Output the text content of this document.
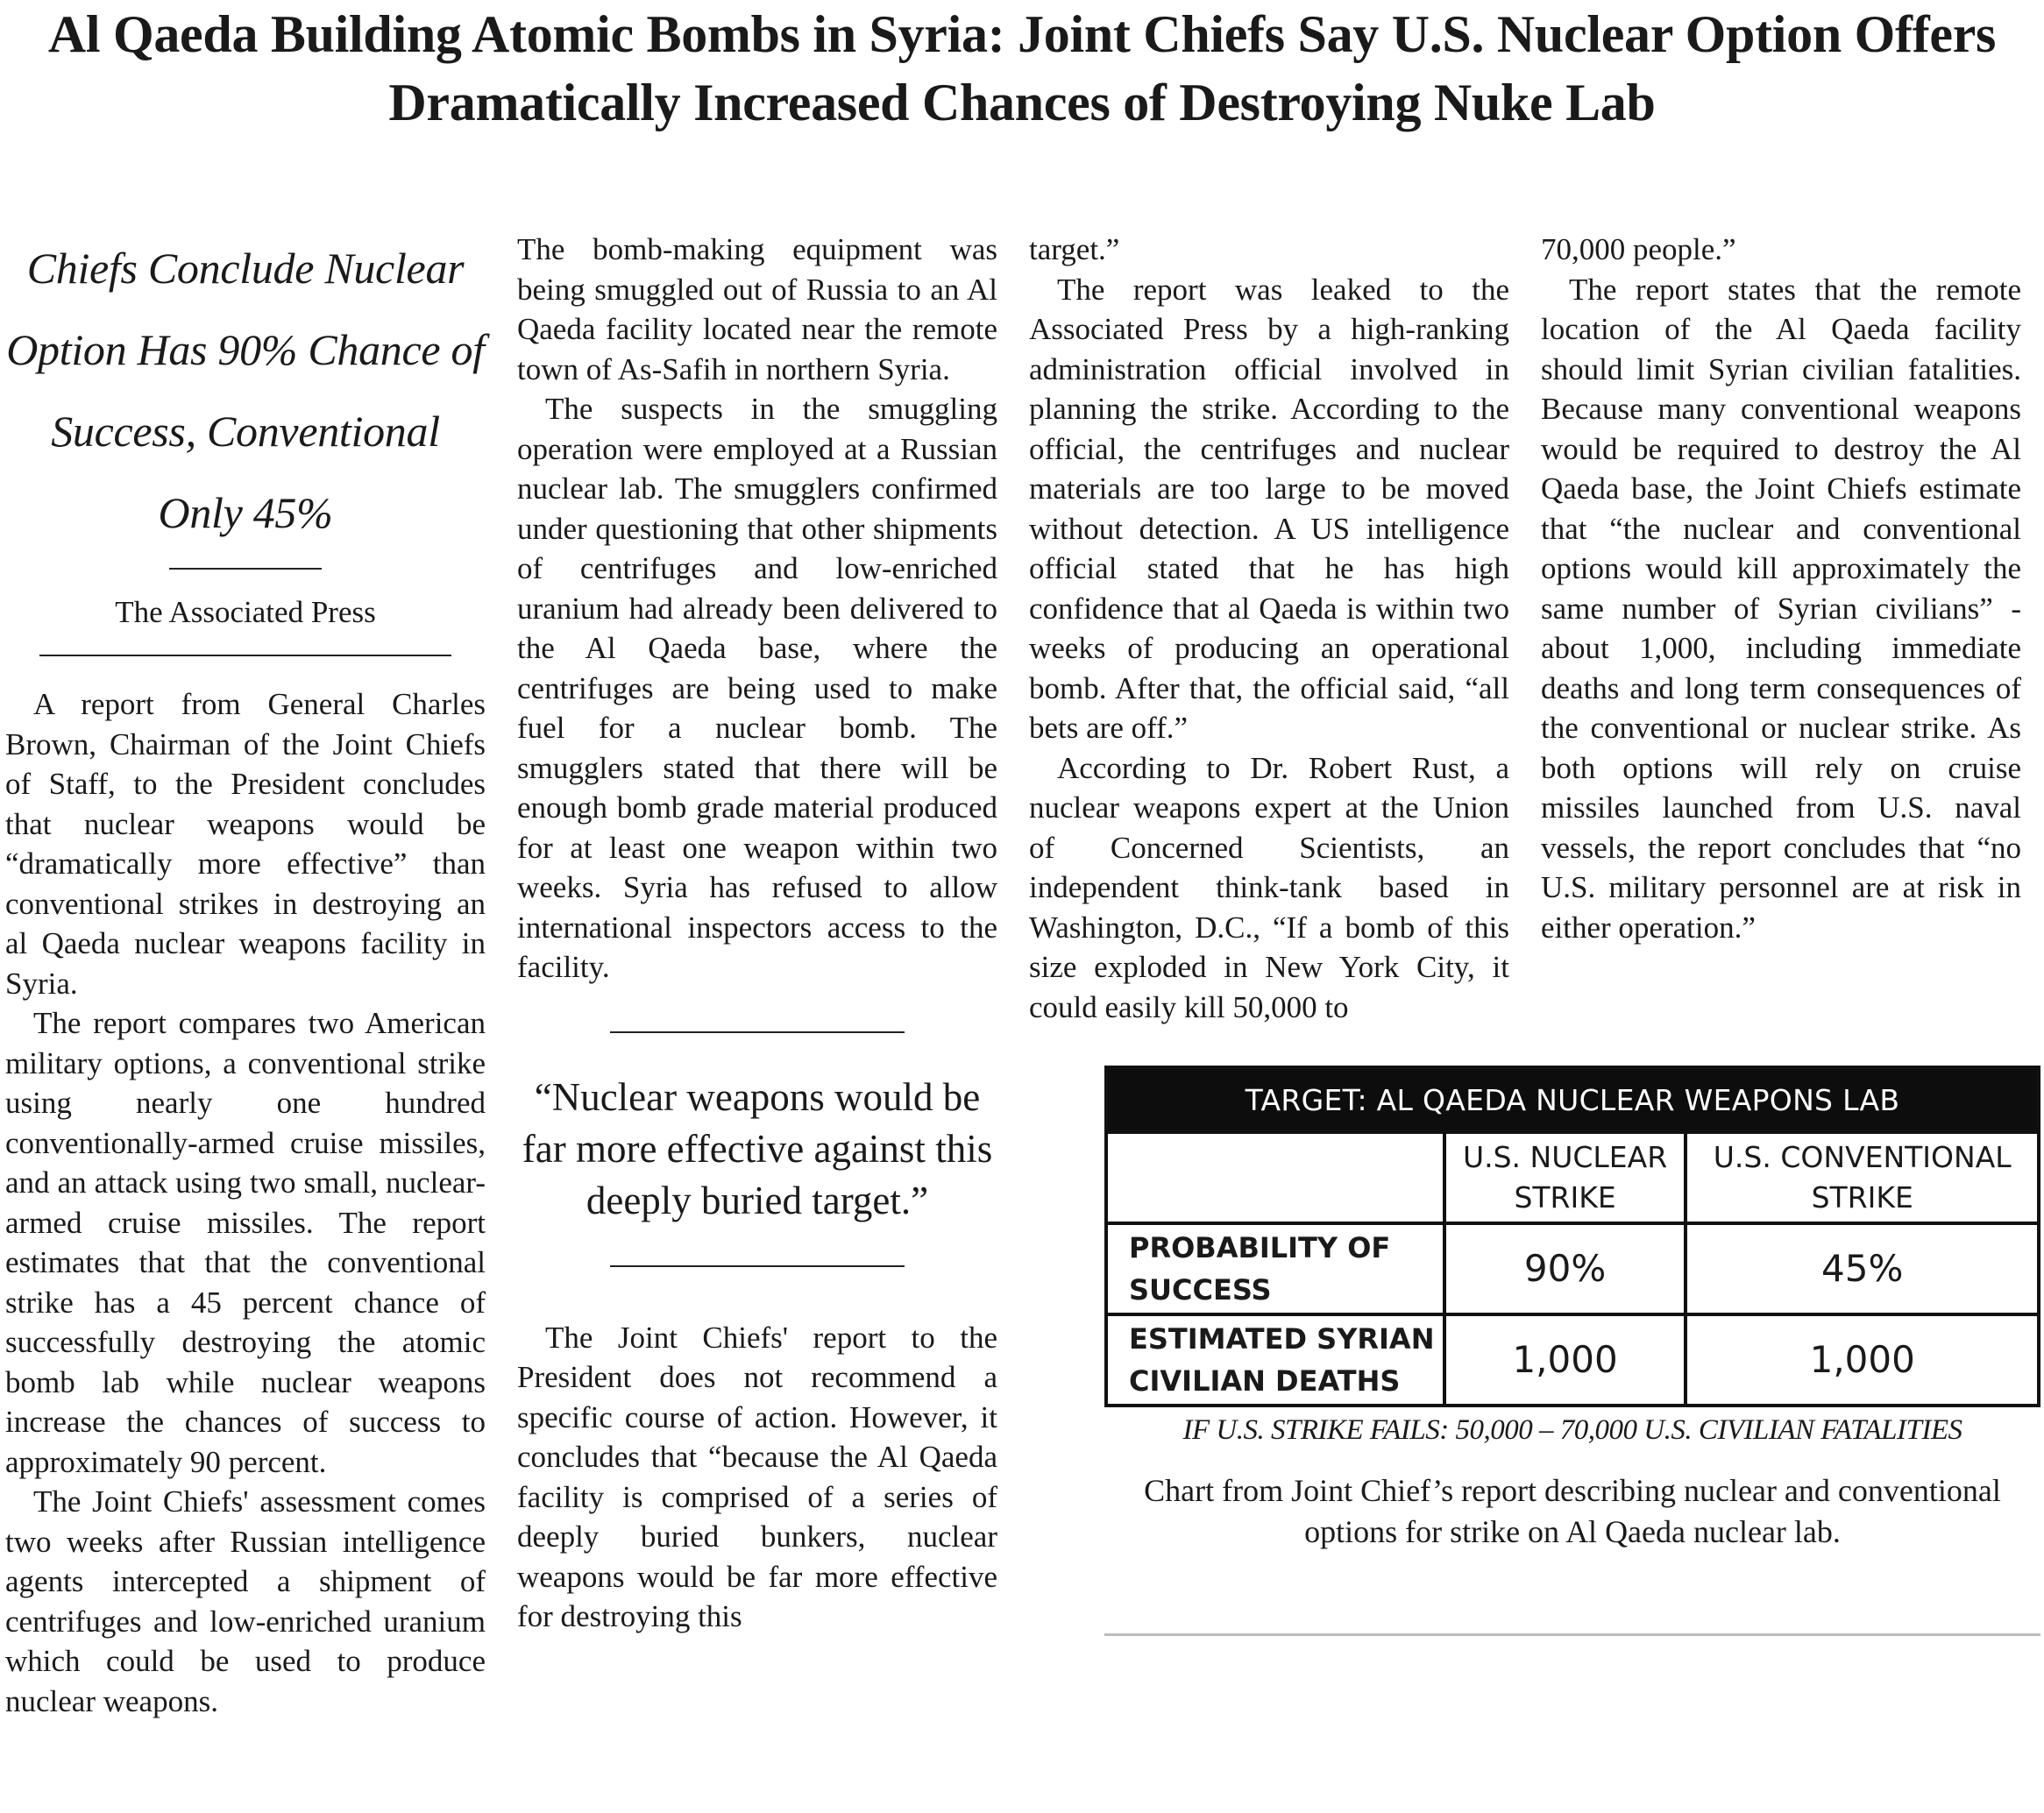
Al Qaeda Building Atomic Bombs in Syria: Joint Chiefs Say U.S. Nuclear Option Offers Dramatically Increased Chances of Destroying Nuke Lab
Chiefs Conclude Nuclear Option Has 90% Chance of Success, Conventional Only 45%
The Associated Press

A report from General Charles Brown, Chairman of the Joint Chiefs of Staff, to the President concludes that nuclear weapons would be “dramatically more effective” than conventional strikes in destroying an al Qaeda nuclear weapons facility in Syria.

The report compares two American military options, a conventional strike using nearly one hundred conventionally-armed cruise missiles, and an attack using two small, nuclear-armed cruise missiles. The report estimates that that the conventional strike has a 45 percent chance of successfully destroying the atomic bomb lab while nuclear weapons increase the chances of success to approximately 90 percent.

The Joint Chiefs' assessment comes two weeks after Russian intelligence agents intercepted a shipment of centrifuges and low-enriched uranium which could be used to produce nuclear weapons.

The bomb-making equipment was being smuggled out of Russia to an Al Qaeda facility located near the remote town of As-Safih in northern Syria.

The suspects in the smuggling operation were employed at a Russian nuclear lab. The smugglers confirmed under questioning that other shipments of centrifuges and low-enriched uranium had already been delivered to the Al Qaeda base, where the centrifuges are being used to make fuel for a nuclear bomb. The smugglers stated that there will be enough bomb grade material produced for at least one weapon within two weeks. Syria has refused to allow international inspectors access to the facility.

“Nuclear weapons would be far more effective against this deeply buried target.”

The Joint Chiefs' report to the President does not recommend a specific course of action. However, it concludes that “because the Al Qaeda facility is comprised of a series of deeply buried bunkers, nuclear weapons would be far more effective for destroying this

target.”

The report was leaked to the Associated Press by a high-ranking administration official involved in planning the strike. According to the official, the centrifuges and nuclear materials are too large to be moved without detection. A US intelligence official stated that he has high confidence that al Qaeda is within two weeks of producing an operational bomb. After that, the official said, “all bets are off.”

According to Dr. Robert Rust, a nuclear weapons expert at the Union of Concerned Scientists, an independent think-tank based in Washington, D.C., “If a bomb of this size exploded in New York City, it could easily kill 50,000 to

70,000 people.”

The report states that the remote location of the Al Qaeda facility should limit Syrian civilian fatalities. Because many conventional weapons would be required to destroy the Al Qaeda base, the Joint Chiefs estimate that “the nuclear and conventional options would kill approximately the same number of Syrian civilians” - about 1,000, including immediate deaths and long term consequences of the conventional or nuclear strike. As both options will rely on cruise missiles launched from U.S. naval vessels, the report concludes that “no U.S. military personnel are at risk in either operation.”

TARGET: AL QAEDA NUCLEAR WEAPONS LAB		
	U.S. NUCLEAR STRIKE	U.S. CONVENTIONAL STRIKE
PROBABILITY OF SUCCESS	90%	45%
ESTIMATED SYRIAN CIVILIAN DEATHS	1,000	1,000
IF U.S. STRIKE FAILS: 50,000 – 70,000 U.S. CIVILIAN FATALITIES
Chart from Joint Chief’s report describing nuclear and conventional options for strike on Al Qaeda nuclear lab.
